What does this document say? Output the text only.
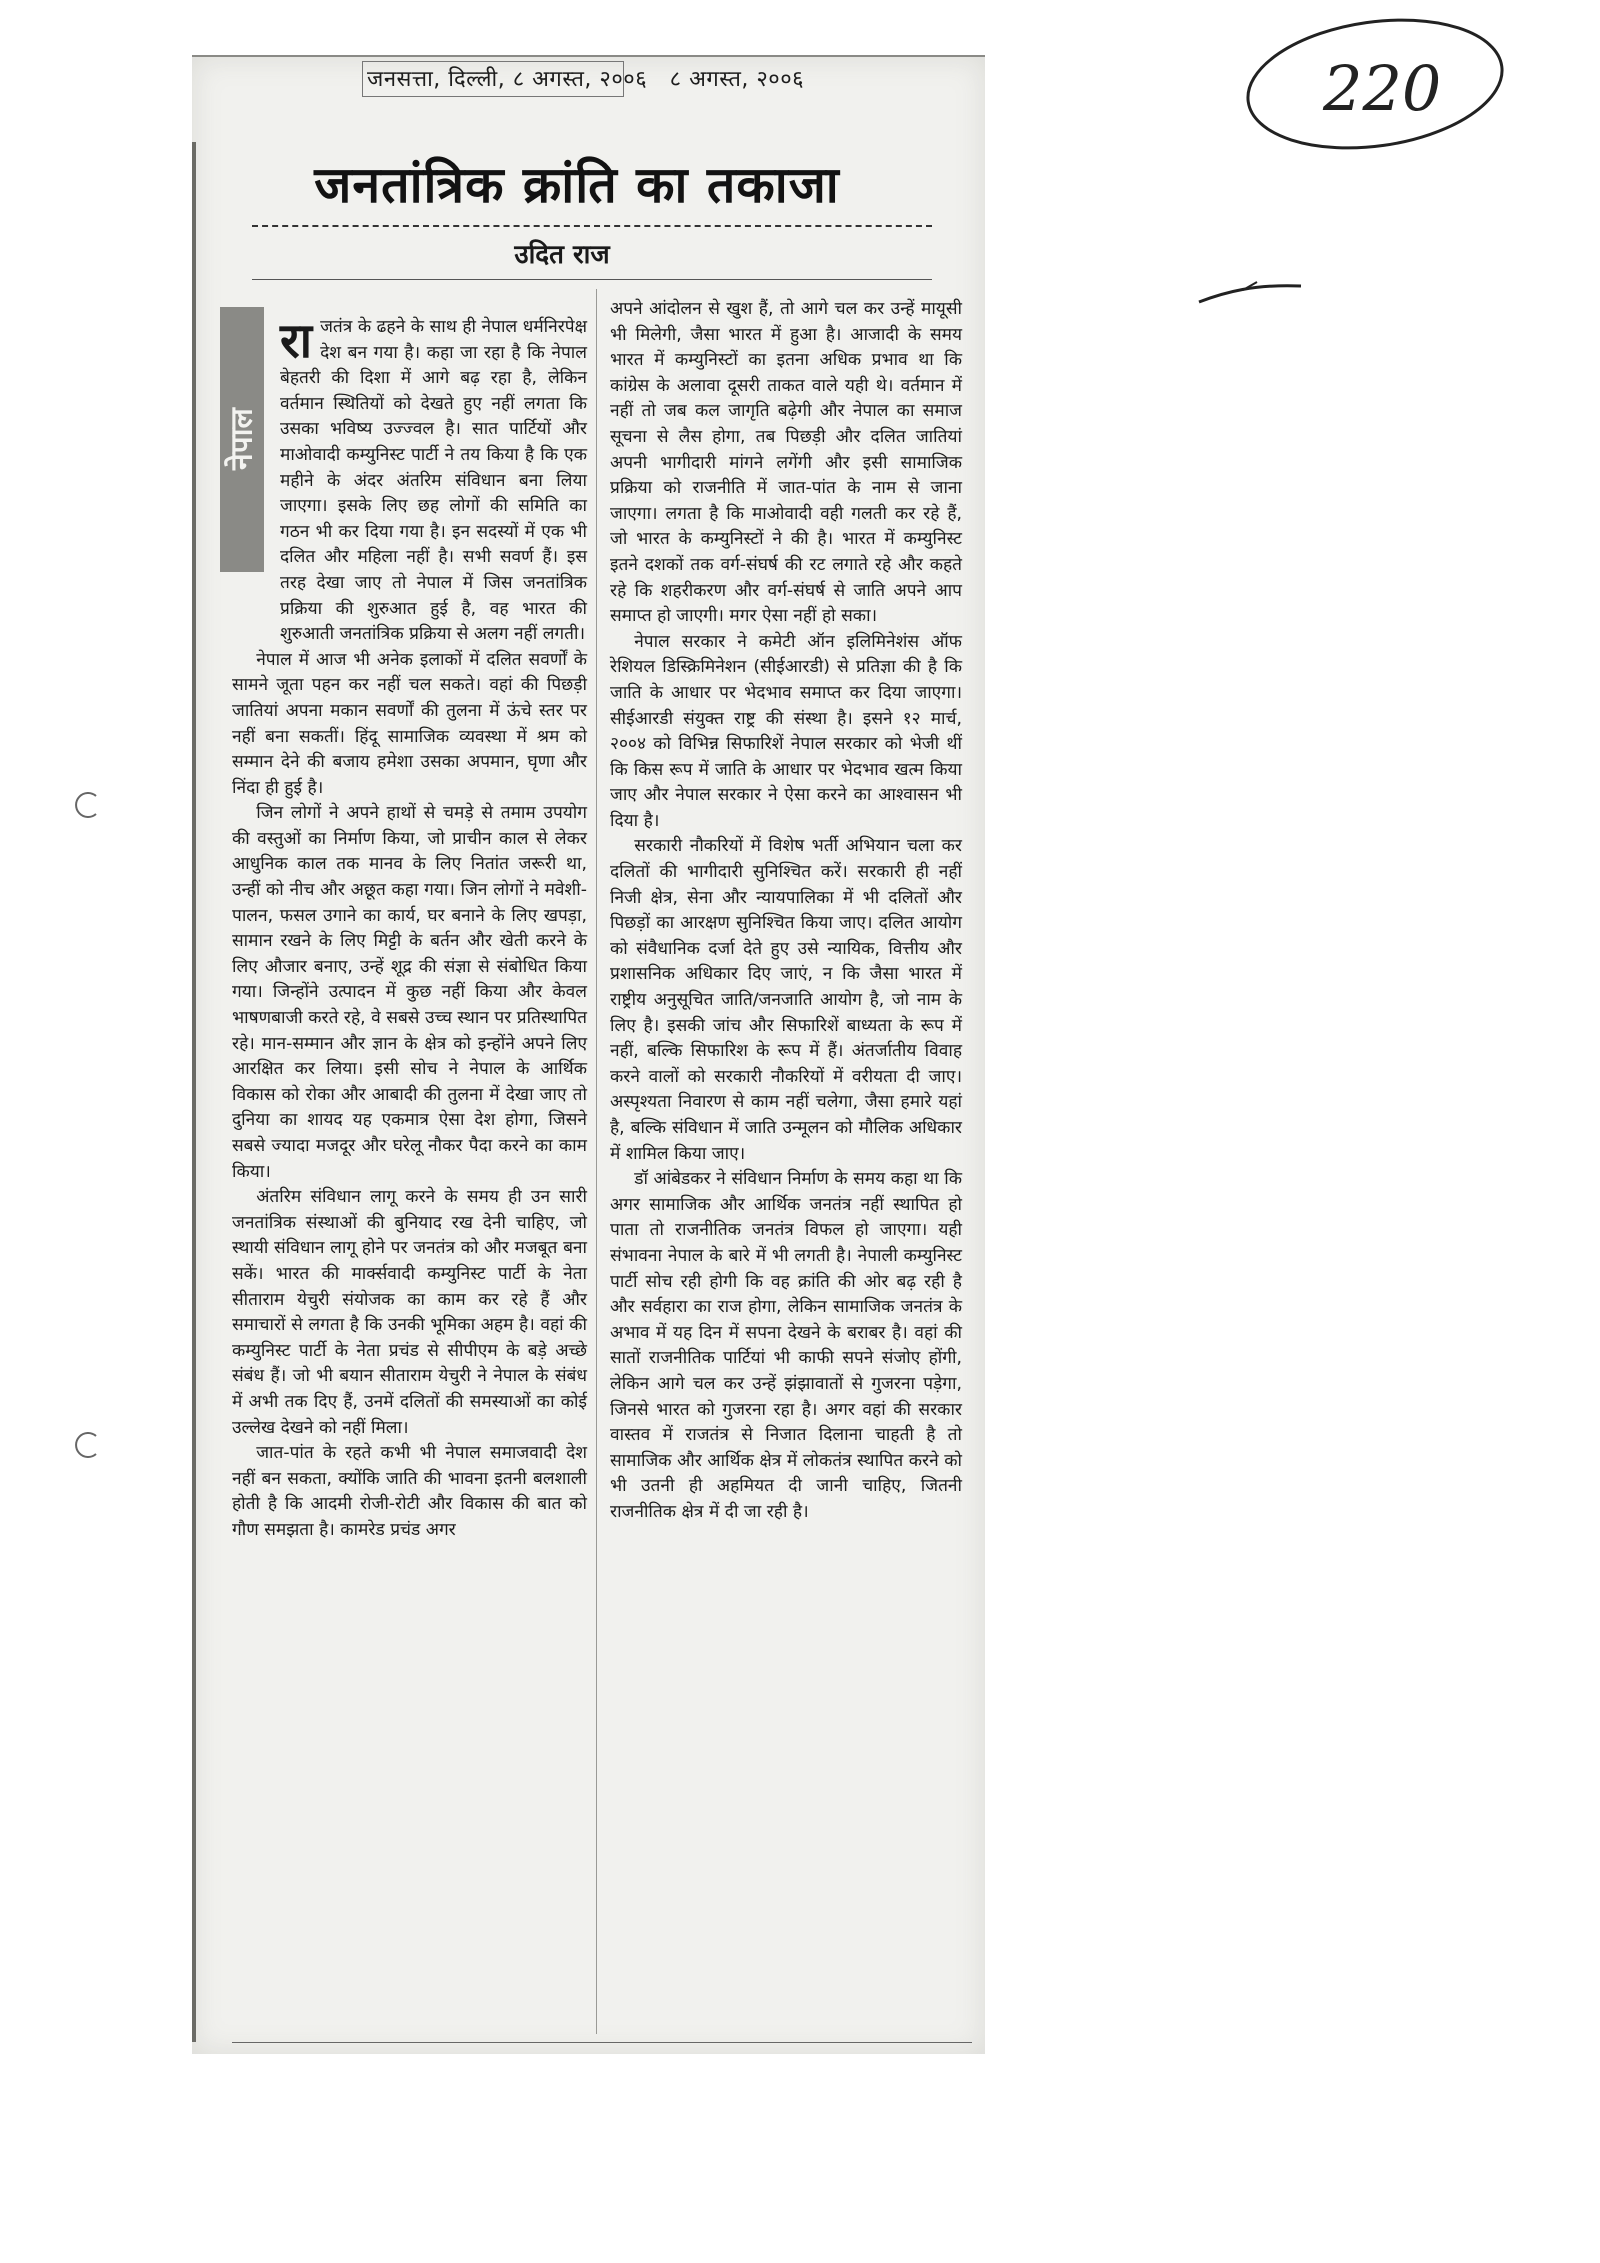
220
जनसत्ता, दिल्ली, ८ अगस्त, २००६   ८ अगस्त, २००६
जनतांत्रिक क्रांति का तकाजा
उदित राज
नेपाल

राजतंत्र के ढहने के साथ ही नेपाल धर्मनिरपेक्ष देश बन गया है। कहा जा रहा है कि नेपाल बेहतरी की दिशा में आगे बढ़ रहा है, लेकिन वर्तमान स्थितियों को देखते हुए नहीं लगता कि उसका भविष्य उज्ज्वल है। सात पार्टियों और माओवादी कम्युनिस्ट पार्टी ने तय किया है कि एक महीने के अंदर अंतरिम संविधान बना लिया जाएगा। इसके लिए छह लोगों की समिति का गठन भी कर दिया गया है। इन सदस्यों में एक भी दलित और महिला नहीं है। सभी सवर्ण हैं। इस तरह देखा जाए तो नेपाल में जिस जनतांत्रिक प्रक्रिया की शुरुआत हुई है, वह भारत की शुरुआती जनतांत्रिक प्रक्रिया से अलग नहीं लगती।

नेपाल में आज भी अनेक इलाकों में दलित सवर्णों के सामने जूता पहन कर नहीं चल सकते। वहां की पिछड़ी जातियां अपना मकान सवर्णों की तुलना में ऊंचे स्तर पर नहीं बना सकतीं। हिंदू सामाजिक व्यवस्था में श्रम को सम्मान देने की बजाय हमेशा उसका अपमान, घृणा और निंदा ही हुई है।

जिन लोगों ने अपने हाथों से चमड़े से तमाम उपयोग की वस्तुओं का निर्माण किया, जो प्राचीन काल से लेकर आधुनिक काल तक मानव के लिए नितांत जरूरी था, उन्हीं को नीच और अछूत कहा गया। जिन लोगों ने मवेशी-पालन, फसल उगाने का कार्य, घर बनाने के लिए खपड़ा, सामान रखने के लिए मिट्टी के बर्तन और खेती करने के लिए औजार बनाए, उन्हें शूद्र की संज्ञा से संबोधित किया गया। जिन्होंने उत्पादन में कुछ नहीं किया और केवल भाषणबाजी करते रहे, वे सबसे उच्च स्थान पर प्रतिस्थापित रहे। मान-सम्मान और ज्ञान के क्षेत्र को इन्होंने अपने लिए आरक्षित कर लिया। इसी सोच ने नेपाल के आर्थिक विकास को रोका और आबादी की तुलना में देखा जाए तो दुनिया का शायद यह एकमात्र ऐसा देश होगा, जिसने सबसे ज्यादा मजदूर और घरेलू नौकर पैदा करने का काम किया।

अंतरिम संविधान लागू करने के समय ही उन सारी जनतांत्रिक संस्थाओं की बुनियाद रख देनी चाहिए, जो स्थायी संविधान लागू होने पर जनतंत्र को और मजबूत बना सकें। भारत की मार्क्सवादी कम्युनिस्ट पार्टी के नेता सीताराम येचुरी संयोजक का काम कर रहे हैं और समाचारों से लगता है कि उनकी भूमिका अहम है। वहां की कम्युनिस्ट पार्टी के नेता प्रचंड से सीपीएम के बड़े अच्छे संबंध हैं। जो भी बयान सीताराम येचुरी ने नेपाल के संबंध में अभी तक दिए हैं, उनमें दलितों की समस्याओं का कोई उल्लेख देखने को नहीं मिला।

जात-पांत के रहते कभी भी नेपाल समाजवादी देश नहीं बन सकता, क्योंकि जाति की भावना इतनी बलशाली होती है कि आदमी रोजी-रोटी और विकास की बात को गौण समझता है। कामरेड प्रचंड अगर

अपने आंदोलन से खुश हैं, तो आगे चल कर उन्हें मायूसी भी मिलेगी, जैसा भारत में हुआ है। आजादी के समय भारत में कम्युनिस्टों का इतना अधिक प्रभाव था कि कांग्रेस के अलावा दूसरी ताकत वाले यही थे। वर्तमान में नहीं तो जब कल जागृति बढ़ेगी और नेपाल का समाज सूचना से लैस होगा, तब पिछड़ी और दलित जातियां अपनी भागीदारी मांगने लगेंगी और इसी सामाजिक प्रक्रिया को राजनीति में जात-पांत के नाम से जाना जाएगा। लगता है कि माओवादी वही गलती कर रहे हैं, जो भारत के कम्युनिस्टों ने की है। भारत में कम्युनिस्ट इतने दशकों तक वर्ग-संघर्ष की रट लगाते रहे और कहते रहे कि शहरीकरण और वर्ग-संघर्ष से जाति अपने आप समाप्त हो जाएगी। मगर ऐसा नहीं हो सका।

नेपाल सरकार ने कमेटी ऑन इलिमिनेशंस ऑफ रेशियल डिस्क्रिमिनेशन (सीईआरडी) से प्रतिज्ञा की है कि जाति के आधार पर भेदभाव समाप्त कर दिया जाएगा। सीईआरडी संयुक्त राष्ट्र की संस्था है। इसने १२ मार्च, २००४ को विभिन्न सिफारिशें नेपाल सरकार को भेजी थीं कि किस रूप में जाति के आधार पर भेदभाव खत्म किया जाए और नेपाल सरकार ने ऐसा करने का आश्वासन भी दिया है।

सरकारी नौकरियों में विशेष भर्ती अभियान चला कर दलितों की भागीदारी सुनिश्चित करें। सरकारी ही नहीं निजी क्षेत्र, सेना और न्यायपालिका में भी दलितों और पिछड़ों का आरक्षण सुनिश्चित किया जाए। दलित आयोग को संवैधानिक दर्जा देते हुए उसे न्यायिक, वित्तीय और प्रशासनिक अधिकार दिए जाएं, न कि जैसा भारत में राष्ट्रीय अनुसूचित जाति/जनजाति आयोग है, जो नाम के लिए है। इसकी जांच और सिफारिशें बाध्यता के रूप में नहीं, बल्कि सिफारिश के रूप में हैं। अंतर्जातीय विवाह करने वालों को सरकारी नौकरियों में वरीयता दी जाए। अस्पृश्यता निवारण से काम नहीं चलेगा, जैसा हमारे यहां है, बल्कि संविधान में जाति उन्मूलन को मौलिक अधिकार में शामिल किया जाए।

डॉ आंबेडकर ने संविधान निर्माण के समय कहा था कि अगर सामाजिक और आर्थिक जनतंत्र नहीं स्थापित हो पाता तो राजनीतिक जनतंत्र विफल हो जाएगा। यही संभावना नेपाल के बारे में भी लगती है। नेपाली कम्युनिस्ट पार्टी सोच रही होगी कि वह क्रांति की ओर बढ़ रही है और सर्वहारा का राज होगा, लेकिन सामाजिक जनतंत्र के अभाव में यह दिन में सपना देखने के बराबर है। वहां की सातों राजनीतिक पार्टियां भी काफी सपने संजोए होंगी, लेकिन आगे चल कर उन्हें झंझावातों से गुजरना पड़ेगा, जिनसे भारत को गुजरना रहा है। अगर वहां की सरकार वास्तव में राजतंत्र से निजात दिलाना चाहती है तो सामाजिक और आर्थिक क्षेत्र में लोकतंत्र स्थापित करने को भी उतनी ही अहमियत दी जानी चाहिए, जितनी राजनीतिक क्षेत्र में दी जा रही है।
